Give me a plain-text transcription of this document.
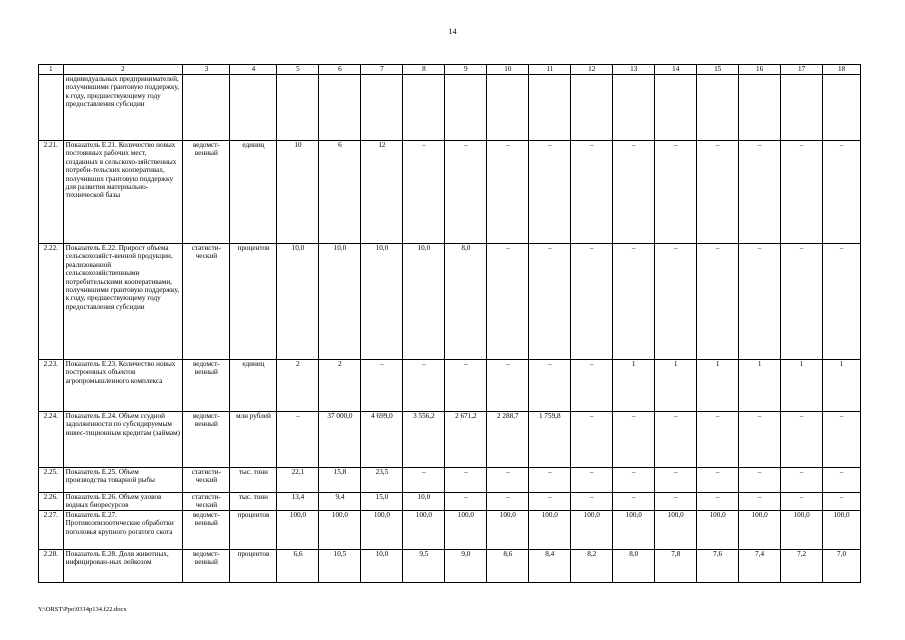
14
1	2	3	4	5	6	7	8	9	10	11	12	13	14	15	16	17	18
	индивидуальных предпринимателей, получившими грантовую поддержку, к году, предшествующему году предоставления субсидии																
2.21.	Показатель Е.21. Количество новых постоянных рабочих мест, созданных в сельскохо-зяйственных потреби-тельских кооперативах, получивших грантовую поддержку для развития материально-технической базы	ведомст-венный	единиц	10	6	12	–	–	–	–	–	–	–	–	–	–	–
2.22.	Показатель Е.22. Прирост объема сельскохозяйст-венной продукции, реализованной сельскохозяйственными потребительскими кооперативами, получившими грантовую поддержку, к году, предшествующему году предоставления субсидии	статисти-ческий	процентов	10,0	10,0	10,0	10,0	8,0	–	–	–	–	–	–	–	–	–
2.23.	Показатель Е.23. Количество новых построенных объектов агропромышленного комплекса	ведомст-венный	единиц	2	2	–	–	–	–	–	–	1	1	1	1	1	1
2.24.	Показатель Е.24. Объем ссудной задолженности по субсидируемым инвес-тиционным кредитам (займам)	ведомст-венный	млн рублей	–	37 000,0	4 699,0	3 556,2	2 671,2	2 288,7	1 759,8	–	–	–	–	–	–	–
2.25.	Показатель Е.25. Объем производства товарной рыбы	статисти-ческий	тыс. тонн	22,1	15,8	23,5	–	–	–	–	–	–	–	–	–	–	–
2.26.	Показатель Е.26. Объем уловов водных биоресурсов	статисти-ческий	тыс. тонн	13,4	9,4	15,0	10,0	–	–	–	–	–	–	–	–	–	–
2.27.	Показатель Е.27. Противоэпизоотические обработки поголовья крупного рогатого скота	ведомст-венный	процентов	100,0	100,0	100,0	100,0	100,0	100,0	100,0	100,0	100,0	100,0	100,0	100,0	100,0	100,0
2.28.	Показатель Е.28. Доля животных, инфицирован-ных лейкозом	ведомст-венный	процентов	6,6	10,5	10,0	9,5	9,0	8,6	8,4	8,2	8,0	7,8	7,6	7,4	7,2	7,0
Y:\ORST\Ppo\0314p134.f22.docx
